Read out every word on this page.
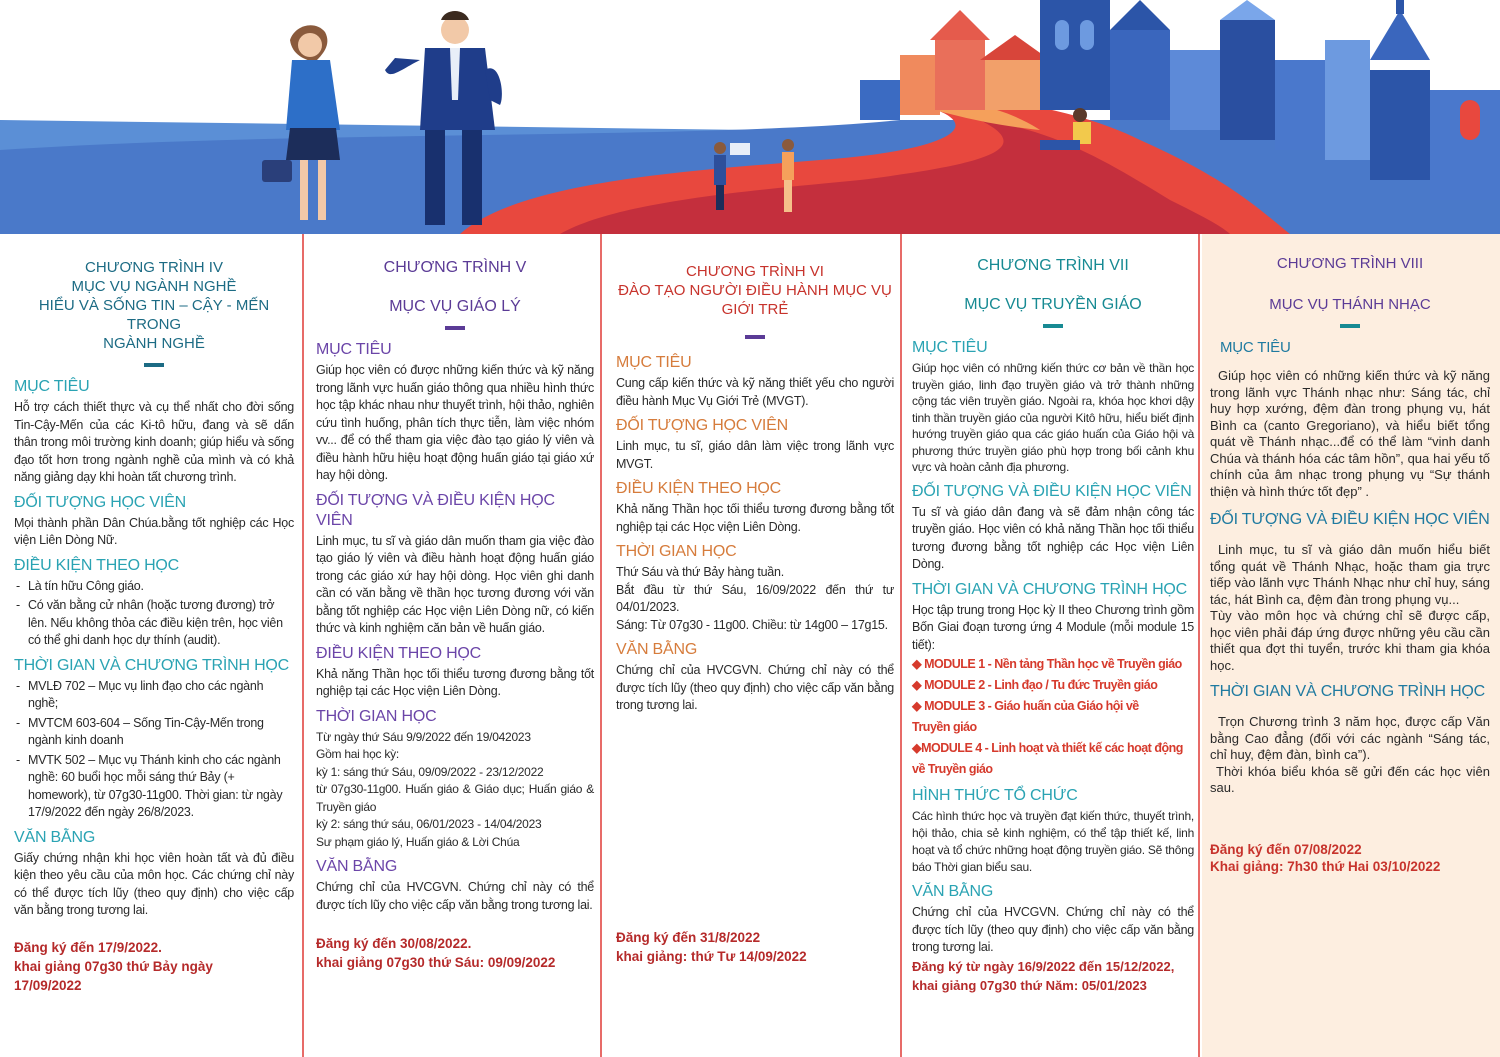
CHƯƠNG TRÌNH IV
MỤC VỤ NGÀNH NGHỀ
HIỂU VÀ SỐNG TIN – CẬY - MẾN TRONG
NGÀNH NGHỀ
MỤC TIÊU
Hỗ trợ cách thiết thực và cụ thể nhất cho đời sống Tin-Cậy-Mến của các Ki-tô hữu, đang và sẽ dấn thân trong môi trường kinh doanh; giúp hiểu và sống đạo tốt hơn trong ngành nghề của mình và có khả năng giảng dạy khi hoàn tất chương trình.
ĐỐI TƯỢNG HỌC VIÊN
Mọi thành phần Dân Chúa.bằng tốt nghiệp các Học viện Liên Dòng Nữ.
ĐIỀU KIỆN THEO HỌC
- Là tín hữu Công giáo.
- Có văn bằng cử nhân (hoặc tương đương) trở lên. Nếu không thỏa các điều kiện trên, học viên có thể ghi danh học dự thính (audit).
THỜI GIAN VÀ CHƯƠNG TRÌNH HỌC
- MVLĐ 702 – Mục vụ linh đạo cho các ngành nghề;
- MVTCM 603-604 – Sống Tin-Cậy-Mến trong ngành kinh doanh
- MVTK 502 – Mục vụ Thánh kinh cho các ngành nghề: 60 buổi học mỗi sáng thứ Bảy (+ homework), từ 07g30-11g00. Thời gian: từ ngày 17/9/2022 đến ngày 26/8/2023.
VĂN BẰNG
Giấy chứng nhận khi học viên hoàn tất và đủ điều kiện theo yêu cầu của môn học. Các chứng chỉ này có thể được tích lũy (theo quy định) cho việc cấp văn bằng trong tương lai.
Đăng ký đến 17/9/2022.
khai giảng 07g30 thứ Bảy ngày
17/09/2022
CHƯƠNG TRÌNH V
MỤC VỤ GIÁO LÝ
MỤC TIÊU
Giúp học viên có được những kiến thức và kỹ năng trong lãnh vực huấn giáo thông qua nhiều hình thức học tập khác nhau như thuyết trình, hội thảo, nghiên cứu tình huống, phân tích thực tiễn, làm việc nhóm vv... để có thể tham gia việc đào tạo giáo lý viên và điều hành hữu hiệu hoạt động huấn giáo tại giáo xứ hay hội dòng.
ĐỐI TƯỢNG VÀ ĐIỀU KIỆN HỌC VIÊN
Linh mục, tu sĩ và giáo dân muốn tham gia việc đào tạo giáo lý viên và điều hành hoạt động huấn giáo trong các giáo xứ hay hội dòng. Học viên ghi danh cần có văn bằng về thần học tương đương với văn bằng tốt nghiệp các Học viện Liên Dòng nữ, có kiến thức và kinh nghiệm căn bản về huấn giáo.
ĐIỀU KIỆN THEO HỌC
Khả năng Thần học tối thiểu tương đương bằng tốt nghiệp tại các Học viện Liên Dòng.
THỜI GIAN HỌC

Từ ngày thứ Sáu 9/9/2022 đến 19/042023

Gồm hai học kỳ:

kỳ 1: sáng thứ Sáu, 09/09/2022 - 23/12/2022

từ 07g30-11g00. Huấn giáo & Giáo dục; Huấn giáo & Truyền giáo

kỳ 2: sáng thứ sáu, 06/01/2023 - 14/04/2023

Sư phạm giáo lý, Huấn giáo & Lời Chúa

VĂN BẰNG
Chứng chỉ của HVCGVN. Chứng chỉ này có thể được tích lũy cho việc cấp văn bằng trong tương lai.
Đăng ký đến 30/08/2022.
khai giảng 07g30 thứ Sáu: 09/09/2022
CHƯƠNG TRÌNH VI
ĐÀO TẠO NGƯỜI ĐIỀU HÀNH MỤC VỤ
GIỚI TRẺ
MỤC TIÊU
Cung cấp kiến thức và kỹ năng thiết yếu cho người điều hành Mục Vụ Giới Trẻ (MVGT).
ĐỐI TƯỢNG HỌC VIÊN
Linh mục, tu sĩ, giáo dân làm việc trong lãnh vực MVGT.
ĐIỀU KIỆN THEO HỌC
Khả năng Thần học tối thiểu tương đương bằng tốt nghiệp tại các Học viện Liên Dòng.
THỜI GIAN HỌC

Thứ Sáu và thứ Bảy hàng tuần.

Bắt đầu từ thứ Sáu, 16/09/2022 đến thứ tư 04/01/2023.

Sáng: Từ 07g30 - 11g00. Chiều: từ 14g00 – 17g15.

VĂN BẰNG
Chứng chỉ của HVCGVN. Chứng chỉ này có thể được tích lũy (theo quy định) cho việc cấp văn bằng trong tương lai.
Đăng ký đến 31/8/2022
khai giảng: thứ Tư 14/09/2022
CHƯƠNG TRÌNH VII
MỤC VỤ TRUYỀN GIÁO
MỤC TIÊU
Giúp học viên có những kiến thức cơ bản về thần học truyền giáo, linh đạo truyền giáo và trở thành những cộng tác viên truyền giáo. Ngoài ra, khóa học khơi dậy tinh thần truyền giáo của người Kitô hữu, hiểu biết định hướng truyền giáo qua các giáo huấn của Giáo hội và phương thức truyền giáo phù hợp trong bối cảnh khu vực và hoàn cảnh địa phương.
ĐỐI TƯỢNG VÀ ĐIỀU KIỆN HỌC VIÊN
Tu sĩ và giáo dân đang và sẽ đảm nhận công tác truyền giáo. Học viên có khả năng Thần học tối thiểu tương đương bằng tốt nghiệp các Học viện Liên Dòng.
THỜI GIAN VÀ CHƯƠNG TRÌNH HỌC
Học tập trung trong Học kỳ II theo Chương trình gồm Bốn Giai đoạn tương ứng 4 Module (mỗi module 15 tiết):
◆ MODULE 1 - Nền tảng Thần học về Truyền giáo
◆ MODULE 2 - Linh đạo / Tu đức Truyền giáo
◆ MODULE 3 - Giáo huấn của Giáo hội về
Truyền giáo
◆MODULE 4 - Linh hoạt và thiết kế các hoạt động
về Truyền giáo
HÌNH THỨC TỔ CHỨC
Các hình thức học và truyền đạt kiến thức, thuyết trình, hội thảo, chia sẻ kinh nghiệm, có thể tập thiết kế, linh hoạt và tổ chức những hoạt động truyền giáo. Sẽ thông báo Thời gian biểu sau.
VĂN BẰNG
Chứng chỉ của HVCGVN. Chứng chỉ này có thể được tích lũy (theo quy định) cho việc cấp văn bằng trong tương lai.
Đăng ký từ ngày 16/9/2022 đến 15/12/2022,
khai giảng 07g30 thứ Năm: 05/01/2023
CHƯƠNG TRÌNH VIII
MỤC VỤ THÁNH NHẠC
MỤC TIÊU
Giúp học viên có những kiến thức và kỹ năng trong lãnh vực Thánh nhạc như: Sáng tác, chỉ huy hợp xướng, đệm đàn trong phụng vụ, hát Bình ca (canto Gregoriano), và hiểu biết tổng quát về Thánh nhạc...để có thể làm “vinh danh Chúa và thánh hóa các tâm hồn”, qua hai yếu tố chính của âm nhạc trong phụng vụ “Sự thánh thiện và hình thức tốt đẹp” .
ĐỐI TƯỢNG VÀ ĐIỀU KIỆN HỌC VIÊN
Linh mục, tu sĩ và giáo dân muốn hiểu biết tổng quát về Thánh Nhạc, hoặc tham gia trực tiếp vào lãnh vực Thánh Nhạc như chỉ huy, sáng tác, hát Bình ca, đệm đàn trong phụng vụ...
Tùy vào môn học và chứng chỉ sẽ được cấp, học viên phải đáp ứng được những yêu cầu cần thiết qua đợt thi tuyển, trước khi tham gia khóa học.
THỜI GIAN VÀ CHƯƠNG TRÌNH HỌC
Trọn Chương trình 3 năm học, được cấp Văn bằng Cao đẳng (đối với các ngành “Sáng tác, chỉ huy, đệm đàn, bình ca”).
Thời khóa biểu khóa sẽ gửi đến các học viên sau.
Đăng ký đến 07/08/2022
Khai giảng: 7h30 thứ Hai 03/10/2022
